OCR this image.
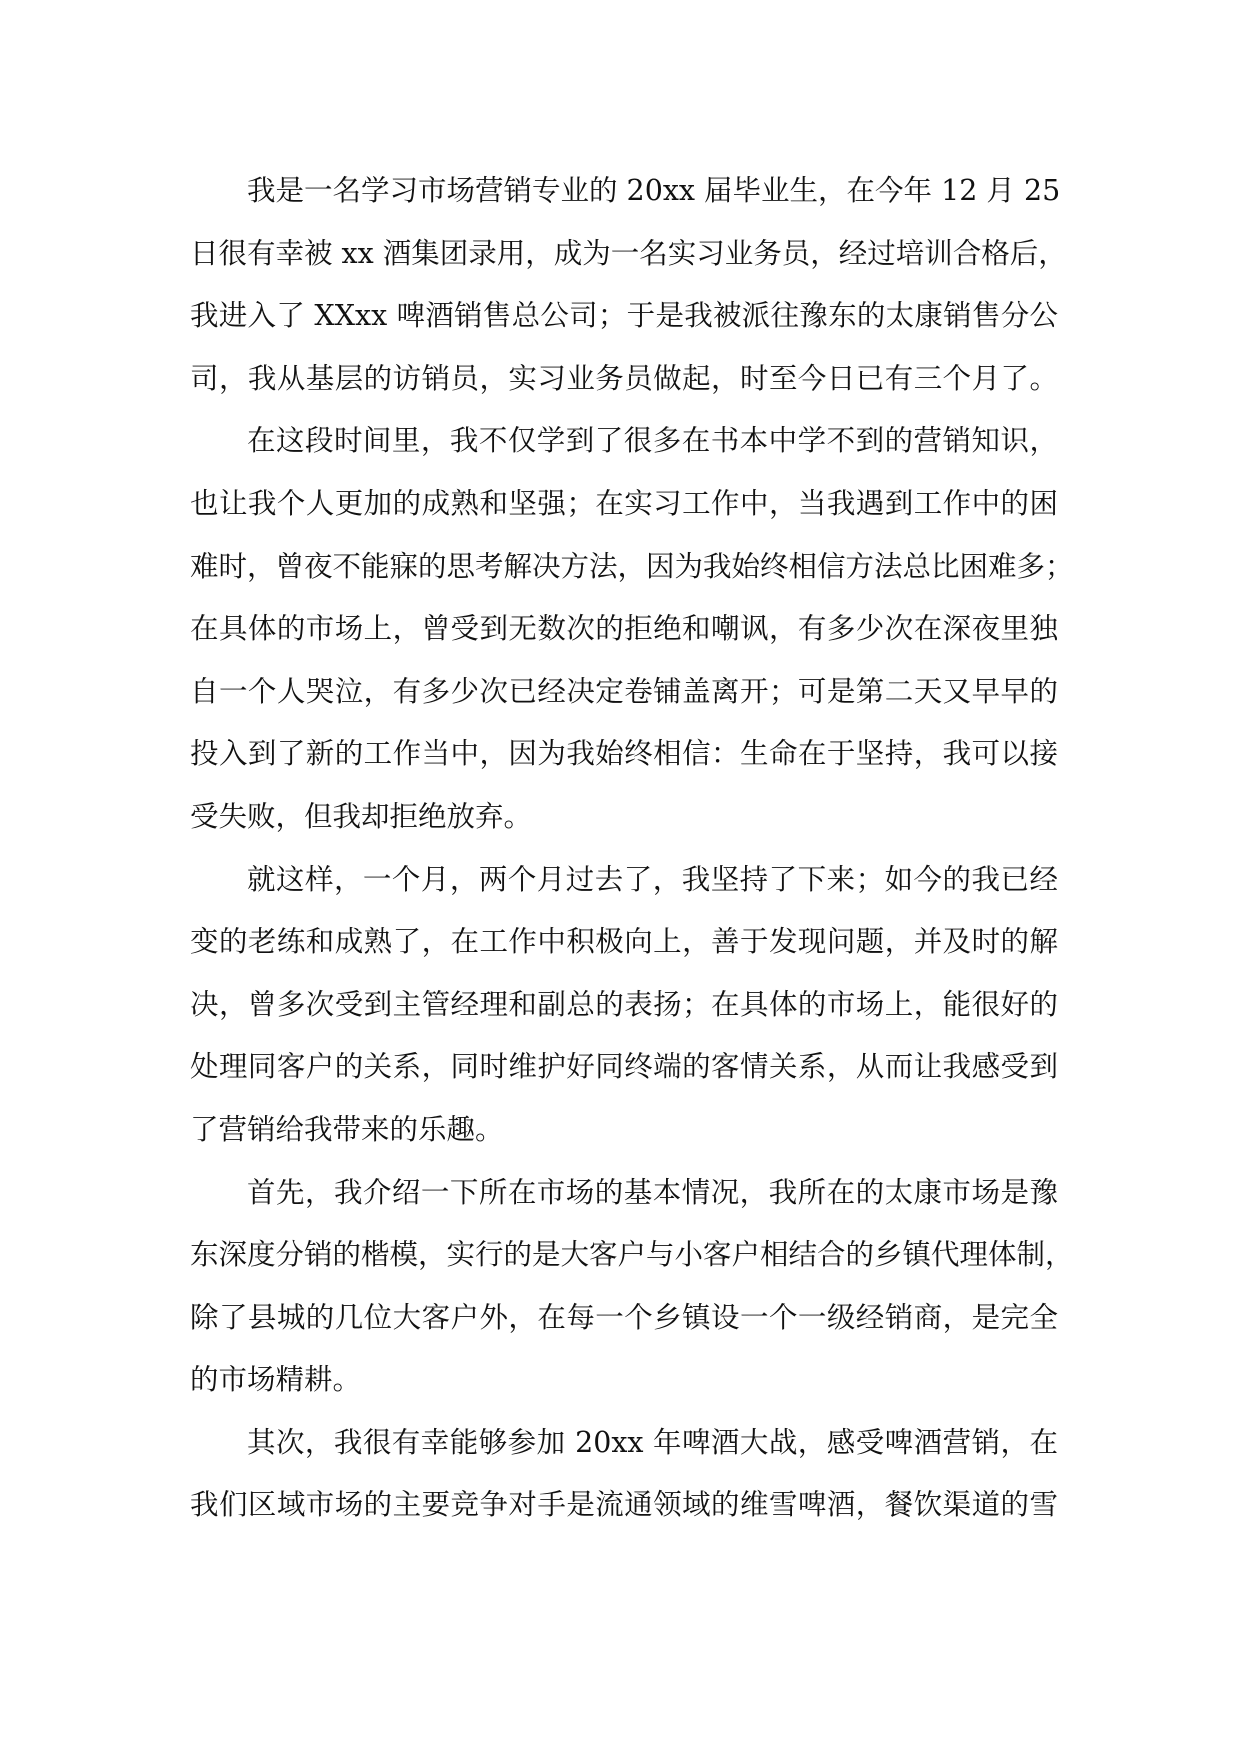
我是一名学习市场营销专业的 20xx 届毕业生，在今年 12 月 25
日很有幸被 xx 酒集团录用，成为一名实习业务员，经过培训合格后，
我进入了 XXxx 啤酒销售总公司；于是我被派往豫东的太康销售分公
司，我从基层的访销员，实习业务员做起，时至今日已有三个月了。

在这段时间里，我不仅学到了很多在书本中学不到的营销知识，
也让我个人更加的成熟和坚强；在实习工作中，当我遇到工作中的困
难时，曾夜不能寐的思考解决方法，因为我始终相信方法总比困难多；
在具体的市场上，曾受到无数次的拒绝和嘲讽，有多少次在深夜里独
自一个人哭泣，有多少次已经决定卷铺盖离开；可是第二天又早早的
投入到了新的工作当中，因为我始终相信：生命在于坚持，我可以接
受失败，但我却拒绝放弃。

就这样，一个月，两个月过去了，我坚持了下来；如今的我已经
变的老练和成熟了，在工作中积极向上，善于发现问题，并及时的解
决，曾多次受到主管经理和副总的表扬；在具体的市场上，能很好的
处理同客户的关系，同时维护好同终端的客情关系，从而让我感受到
了营销给我带来的乐趣。

首先，我介绍一下所在市场的基本情况，我所在的太康市场是豫
东深度分销的楷模，实行的是大客户与小客户相结合的乡镇代理体制，
除了县城的几位大客户外，在每一个乡镇设一个一级经销商，是完全
的市场精耕。

其次，我很有幸能够参加 20xx 年啤酒大战，感受啤酒营销，在
我们区域市场的主要竞争对手是流通领域的维雪啤酒，餐饮渠道的雪
